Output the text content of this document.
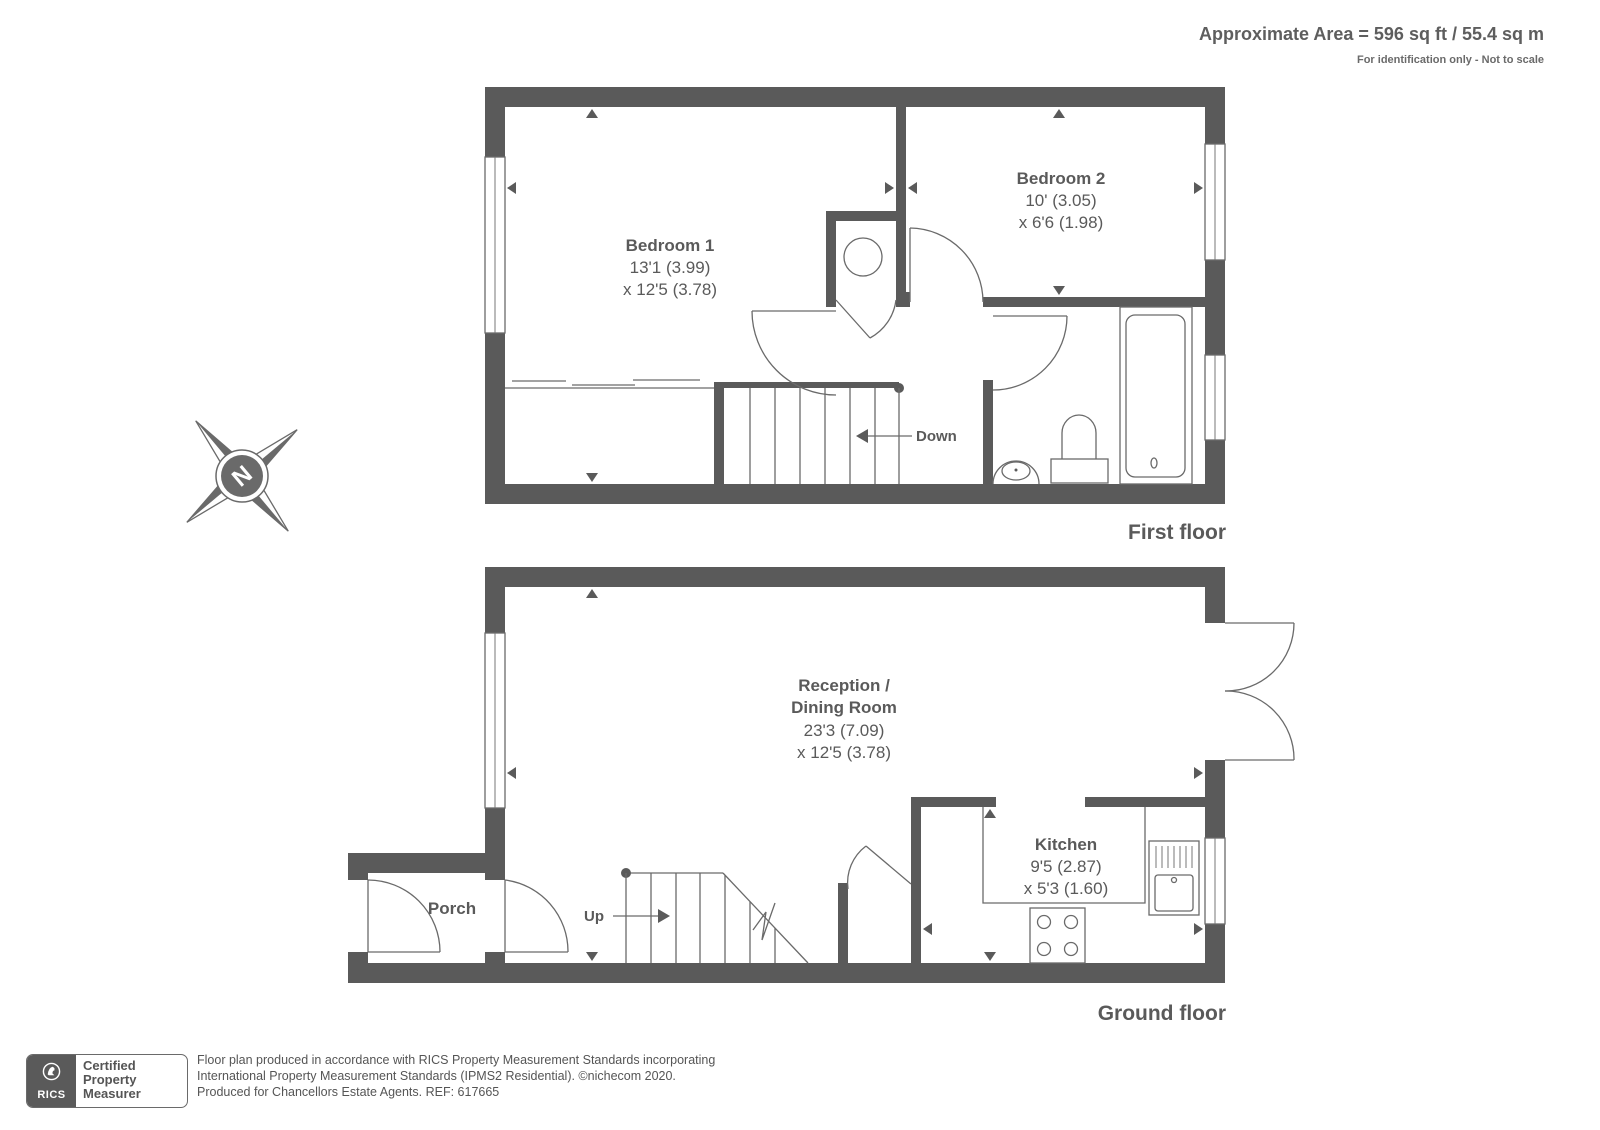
Bedroom 1
13'1 (3.99)
x 12'5 (3.78)
Bedroom 2
10' (3.05)
x 6'6 (1.98)
Down
First floor
Reception /
Dining Room
23'3 (7.09)
x 12'5 (3.78)
Kitchen
9'5 (2.87)
x 5'3 (1.60)
Porch	Up
Ground floor
N
Approximate Area = 596 sq ft / 55.4 sq m
For identification only - Not to scale
RICS
Certified
Property
Measurer
Floor plan produced in accordance with RICS Property Measurement Standards incorporating
International Property Measurement Standards (IPMS2 Residential). ©nichecom 2020.
Produced for Chancellors Estate Agents. REF: 617665
